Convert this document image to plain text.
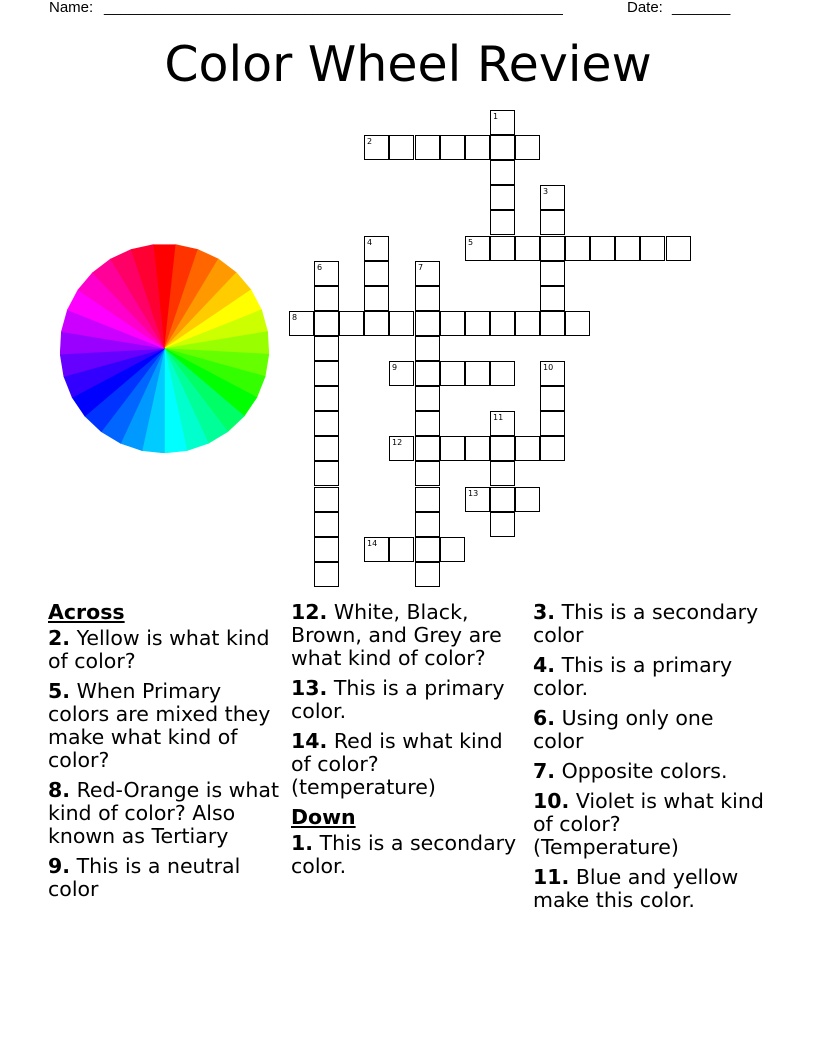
Name: _______________________________________________________	Date: _______
Color Wheel Review
1
2
3
4	5
6	7
8
9	10
11
12
13
14
Across
2. Yellow is what kind of color?
5. When Primary colors are mixed they make what kind of color?
8. Red-Orange is what kind of color? Also known as Tertiary
9. This is a neutral color
12. White, Black, Brown, and Grey are what kind of color?
13. This is a primary color.
14. Red is what kind of color? (temperature)
Down
1. This is a secondary color.
3. This is a secondary color
4. This is a primary color.
6. Using only one color
7. Opposite colors.
10. Violet is what kind of color? (Temperature)
11. Blue and yellow make this color.
